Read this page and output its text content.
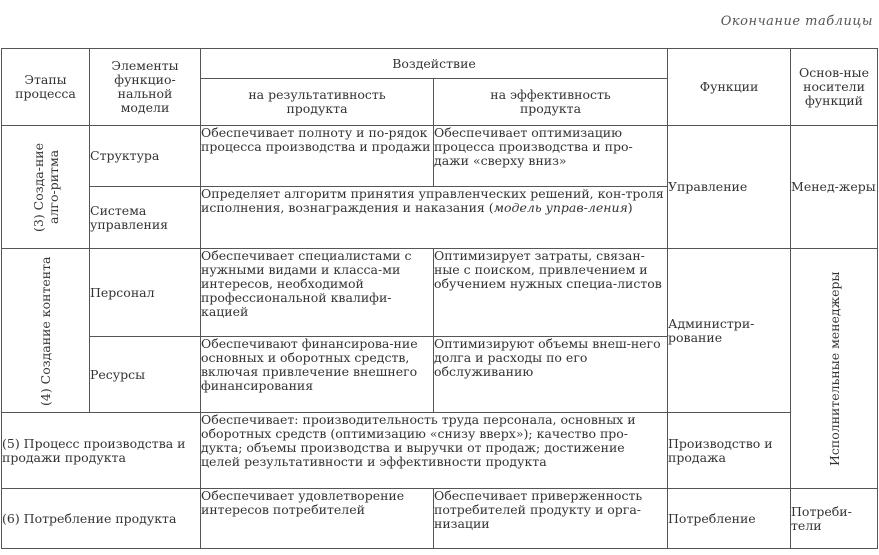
Окончание таблицы
Этапы процесса	Элементы функцио-нальной модели	Воздействие		Функции	Основ-ные носители функций

		на результативность продукта	на эффективность продукта		

(3) Созда-ние алго-ритма	Структура	Обеспечивает полноту и по-рядок процесса производства и продажи	Обеспечивает оптимизацию процесса производства и про-дажи «сверху вниз»	Управление	Менед-жеры
	Система управления	Определяет алгоритм принятия управленческих решений, кон-троля исполнения, вознаграждения и наказания (модель управ-ления)			

(4) Создание контента	Персонал	Обеспечивает специалистами с нужными видами и класса-ми интересов, необходимой профессиональной квалифи-кацией	Оптимизирует затраты, связан-ные с поиском, привлечением и обучением нужных специа-листов	Администри-рование	Исполнительные менеджеры

	Ресурсы	Обеспечивают финансирова-ние основных и оборотных средств, включая привлечение внешнего финансирования	Оптимизируют объемы внеш-него долга и расходы по его обслуживанию		
(5) Процесс производства и продажи продукта		Обеспечивает: производительность труда персонала, основных и оборотных средств (оптимизацию «снизу вверх»); качество про-дукта; объемы производства и выручки от продаж; достижение целей результативности и эффективности продукта		Производство и продажа	
(6) Потребление продукта		Обеспечивает удовлетворение интересов потребителей	Обеспечивает приверженность потребителей продукту и орга-низации	Потребление	Потреби-тели
